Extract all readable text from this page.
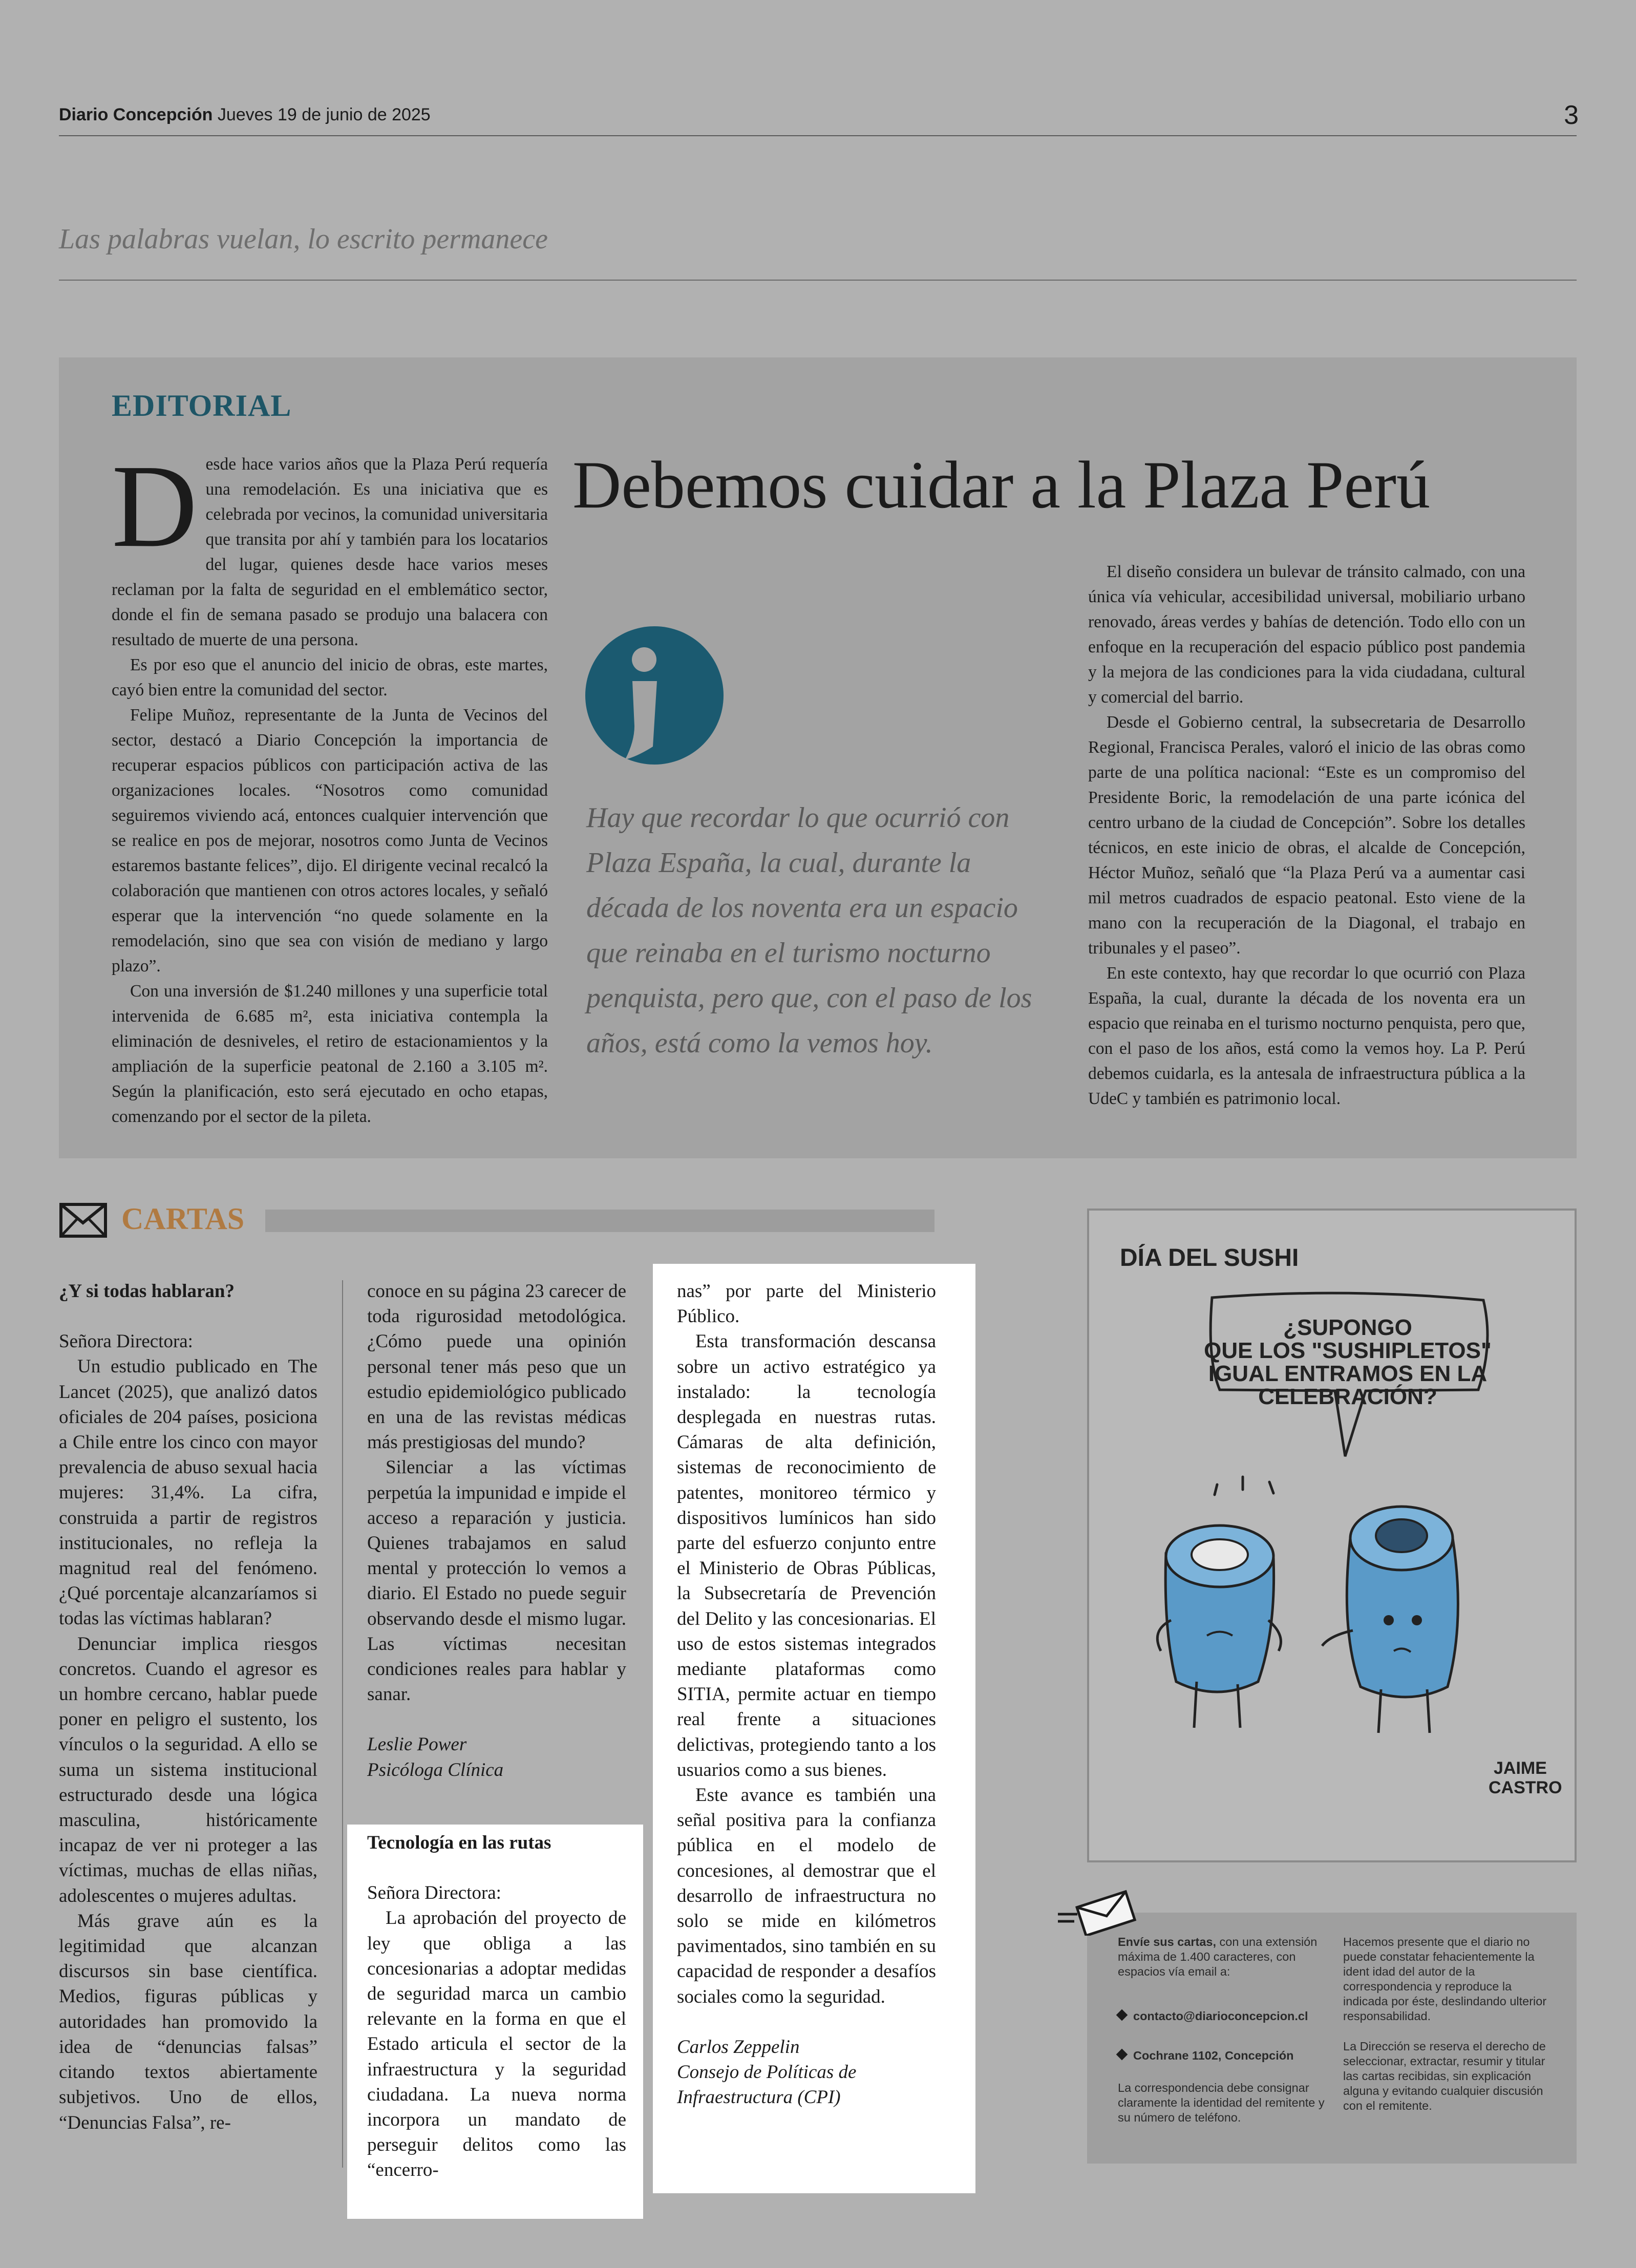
Diario Concepción Jueves 19 de junio de 2025	3
Las palabras vuelan, lo escrito permanece
EDITORIAL

Desde hace varios años que la Plaza Perú requería una remodelación. Es una iniciativa que es celebrada por vecinos, la comunidad universitaria que transita por ahí y también para los locatarios del lugar, quienes desde hace varios meses reclaman por la falta de seguridad en el emblemático sector, donde el fin de semana pasado se produjo una balacera con resultado de muerte de una persona.

Es por eso que el anuncio del inicio de obras, este martes, cayó bien entre la comunidad del sector.

Felipe Muñoz, representante de la Junta de Vecinos del sector, destacó a Diario Concepción la importancia de recuperar espacios públicos con participación activa de las organizaciones locales. “Nosotros como comunidad seguiremos viviendo acá, entonces cualquier intervención que se realice en pos de mejorar, nosotros como Junta de Vecinos estaremos bastante felices”, dijo. El dirigente vecinal recalcó la colaboración que mantienen con otros actores locales, y señaló esperar que la intervención “no quede solamente en la remodelación, sino que sea con visión de mediano y largo plazo”.

Con una inversión de $1.240 millones y una superficie total intervenida de 6.685 m², esta iniciativa contempla la eliminación de desniveles, el retiro de estacionamientos y la ampliación de la superficie peatonal de 2.160 a 3.105 m². Según la planificación, esto será ejecutado en ocho etapas, comenzando por el sector de la pileta.

Debemos cuidar a la Plaza Perú
Hay que recordar lo que ocurrió con Plaza España, la cual, durante la década de los noventa era un espacio que reinaba en el turismo nocturno penquista, pero que, con el paso de los años, está como la vemos hoy.

El diseño considera un bulevar de tránsito calmado, con una única vía vehicular, accesibilidad universal, mobiliario urbano renovado, áreas verdes y bahías de detención. Todo ello con un enfoque en la recuperación del espacio público post pandemia y la mejora de las condiciones para la vida ciudadana, cultural y comercial del barrio.

Desde el Gobierno central, la subsecretaria de Desarrollo Regional, Francisca Perales, valoró el inicio de las obras como parte de una política nacional: “Este es un compromiso del Presidente Boric, la remodelación de una parte icónica del centro urbano de la ciudad de Concepción”. Sobre los detalles técnicos, en este inicio de obras, el alcalde de Concepción, Héctor Muñoz, señaló que “la Plaza Perú va a aumentar casi mil metros cuadrados de espacio peatonal. Esto viene de la mano con la recuperación de la Diagonal, el trabajo en tribunales y el paseo”.

En este contexto, hay que recordar lo que ocurrió con Plaza España, la cual, durante la década de los noventa era un espacio que reinaba en el turismo nocturno penquista, pero que, con el paso de los años, está como la vemos hoy. La P. Perú debemos cuidarla, es la antesala de infraestructura pública a la UdeC y también es patrimonio local.

CARTAS

¿Y si todas hablaran?

Señora Directora:

Un estudio publicado en The Lancet (2025), que analizó datos oficiales de 204 países, posiciona a Chile entre los cinco con mayor prevalencia de abuso sexual hacia mujeres: 31,4%. La cifra, construida a partir de registros institucionales, no refleja la magnitud real del fenómeno. ¿Qué porcentaje alcanzaríamos si todas las víctimas hablaran?

Denunciar implica riesgos concretos. Cuando el agresor es un hombre cercano, hablar puede poner en peligro el sustento, los vínculos o la seguridad. A ello se suma un sistema institucional estructurado desde una lógica masculina, históricamente incapaz de ver ni proteger a las víctimas, muchas de ellas niñas, adolescentes o mujeres adultas.

Más grave aún es la legitimidad que alcanzan discursos sin base científica. Medios, figuras públicas y autoridades han promovido la idea de “denuncias falsas” citando textos abiertamente subjetivos. Uno de ellos, “Denuncias Falsa”, re-

conoce en su página 23 carecer de toda rigurosidad metodológica. ¿Cómo puede una opinión personal tener más peso que un estudio epidemiológico publicado en una de las revistas médicas más prestigiosas del mundo?

Silenciar a las víctimas perpetúa la impunidad e impide el acceso a reparación y justicia. Quienes trabajamos en salud mental y protección lo vemos a diario. El Estado no puede seguir observando desde el mismo lugar. Las víctimas necesitan condiciones reales para hablar y sanar.

Leslie Power

Psicóloga Clínica

Tecnología en las rutas

Señora Directora:

La aprobación del proyecto de ley que obliga a las concesionarias a adoptar medidas de seguridad marca un cambio relevante en la forma en que el Estado articula el sector de la infraestructura y la seguridad ciudadana. La nueva norma incorpora un mandato de perseguir delitos como las “encerro-

nas” por parte del Ministerio Público.

Esta transformación descansa sobre un activo estratégico ya instalado: la tecnología desplegada en nuestras rutas. Cámaras de alta definición, sistemas de reconocimiento de patentes, monitoreo térmico y dispositivos lumínicos han sido parte del esfuerzo conjunto entre el Ministerio de Obras Públicas, la Subsecretaría de Prevención del Delito y las concesionarias. El uso de estos sistemas integrados mediante plataformas como SITIA, permite actuar en tiempo real frente a situaciones delictivas, protegiendo tanto a los usuarios como a sus bienes.

Este avance es también una señal positiva para la confianza pública en el modelo de concesiones, al demostrar que el desarrollo de infraestructura no solo se mide en kilómetros pavimentados, sino también en su capacidad de responder a desafíos sociales como la seguridad.

Carlos Zeppelin

Consejo de Políticas de

Infraestructura (CPI)

DÍA DEL SUSHI
¿SUPONGO
QUE LOS "SUSHIPLETOS"
IGUAL ENTRAMOS EN LA
CELEBRACIÓN?
JAIME
CASTRO
Envíe sus cartas, con una extensión máxima de 1.400 caracteres, con espacios vía email a:
contacto@diarioconcepcion.cl
Cochrane 1102, Concepción
La correspondencia debe consignar claramente la identidad del remitente y su número de teléfono.
Hacemos presente que el diario no puede constatar fehacientemente la ident idad del autor de la correspondencia y reproduce la indicada por éste, deslindando ulterior responsabilidad.
La Dirección se reserva el derecho de seleccionar, extractar, resumir y titular las cartas recibidas, sin explicación alguna y evitando cualquier discusión con el remitente.
